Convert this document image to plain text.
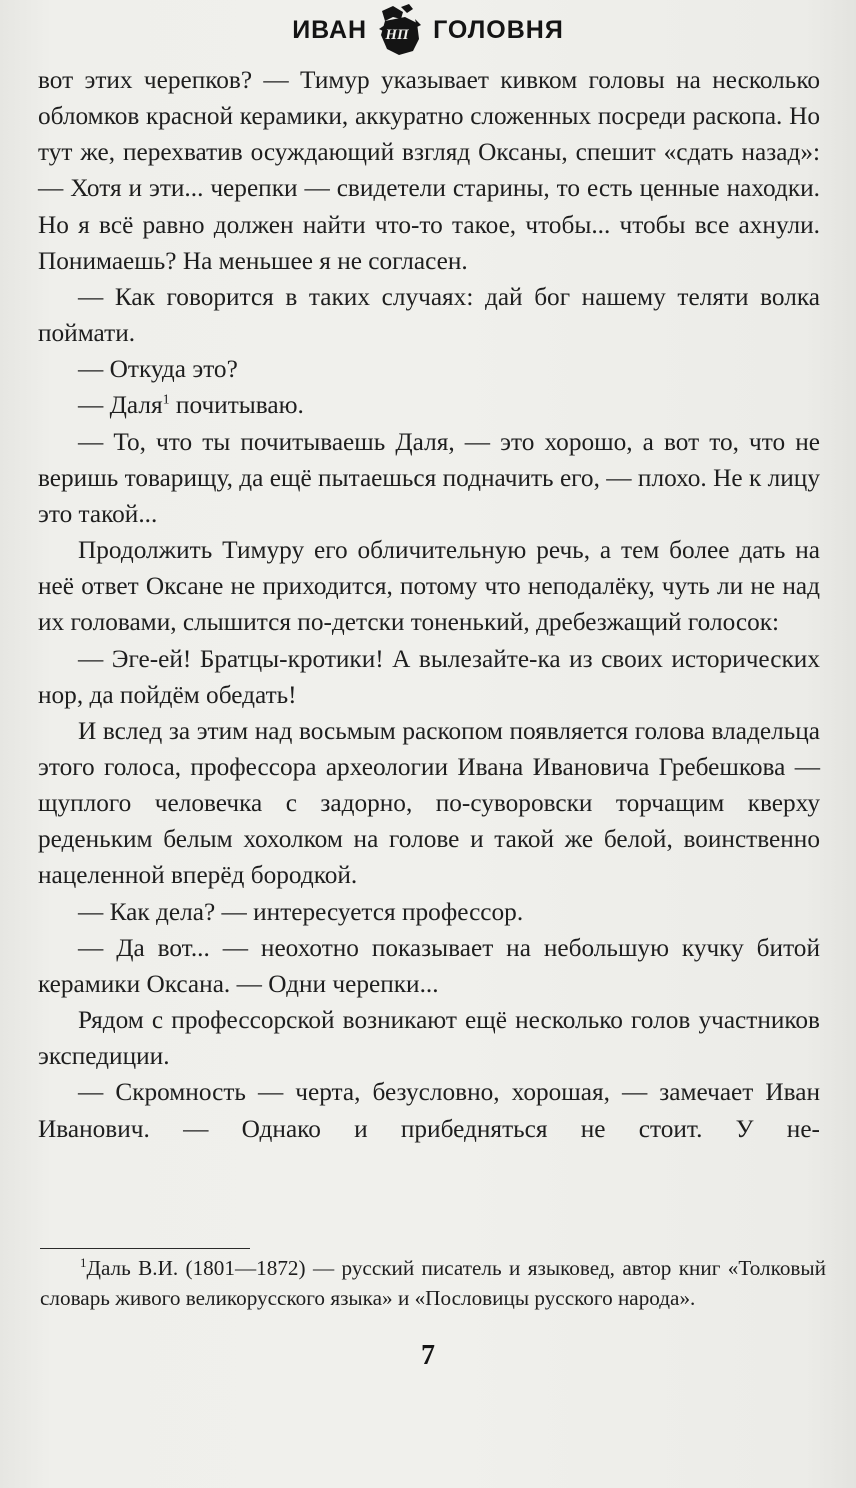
ИВАН НП ГОЛОВНЯ

вот этих черепков? — Тимур указывает кивком головы на несколько обломков красной керамики, аккуратно сложенных посреди раскопа. Но тут же, перехватив осуждающий взгляд Оксаны, спешит «сдать назад»: — Хотя и эти... черепки — свидетели старины, то есть ценные находки. Но я всё равно должен найти что-то такое, чтобы... чтобы все ахнули. Понимаешь? На меньшее я не согласен.

— Как говорится в таких случаях: дай бог нашему теляти волка поймати.

— Откуда это?

— Даля$^1$ почитываю.

— То, что ты почитываешь Даля, — это хорошо, а вот то, что не веришь товарищу, да ещё пытаешься подначить его, — плохо. Не к лицу это такой...

Продолжить Тимуру его обличительную речь, а тем более дать на неё ответ Оксане не приходится, потому что неподалёку, чуть ли не над их головами, слышится по-детски тоненький, дребезжащий голосок:

— Эге-ей! Братцы-кротики! А вылезайте-ка из своих исторических нор, да пойдём обедать!

И вслед за этим над восьмым раскопом появляется голова владельца этого голоса, профессора археологии Ивана Ивановича Гребешкова — щуплого человечка с задорно, по-суворовски торчащим кверху реденьким белым хохолком на голове и такой же белой, воинственно нацеленной вперёд бородкой.

— Как дела? — интересуется профессор.

— Да вот... — неохотно показывает на небольшую кучку битой керамики Оксана. — Одни черепки...

Рядом с профессорской возникают ещё несколько голов участников экспедиции.

— Скромность — черта, безусловно, хорошая, — замечает Иван Иванович. — Однако и прибедняться не стоит. У не-

$^1$Даль В.И. (1801—1872) — русский писатель и языковед, автор книг «Толковый словарь живого великорусского языка» и «Пословицы русского народа».

7
